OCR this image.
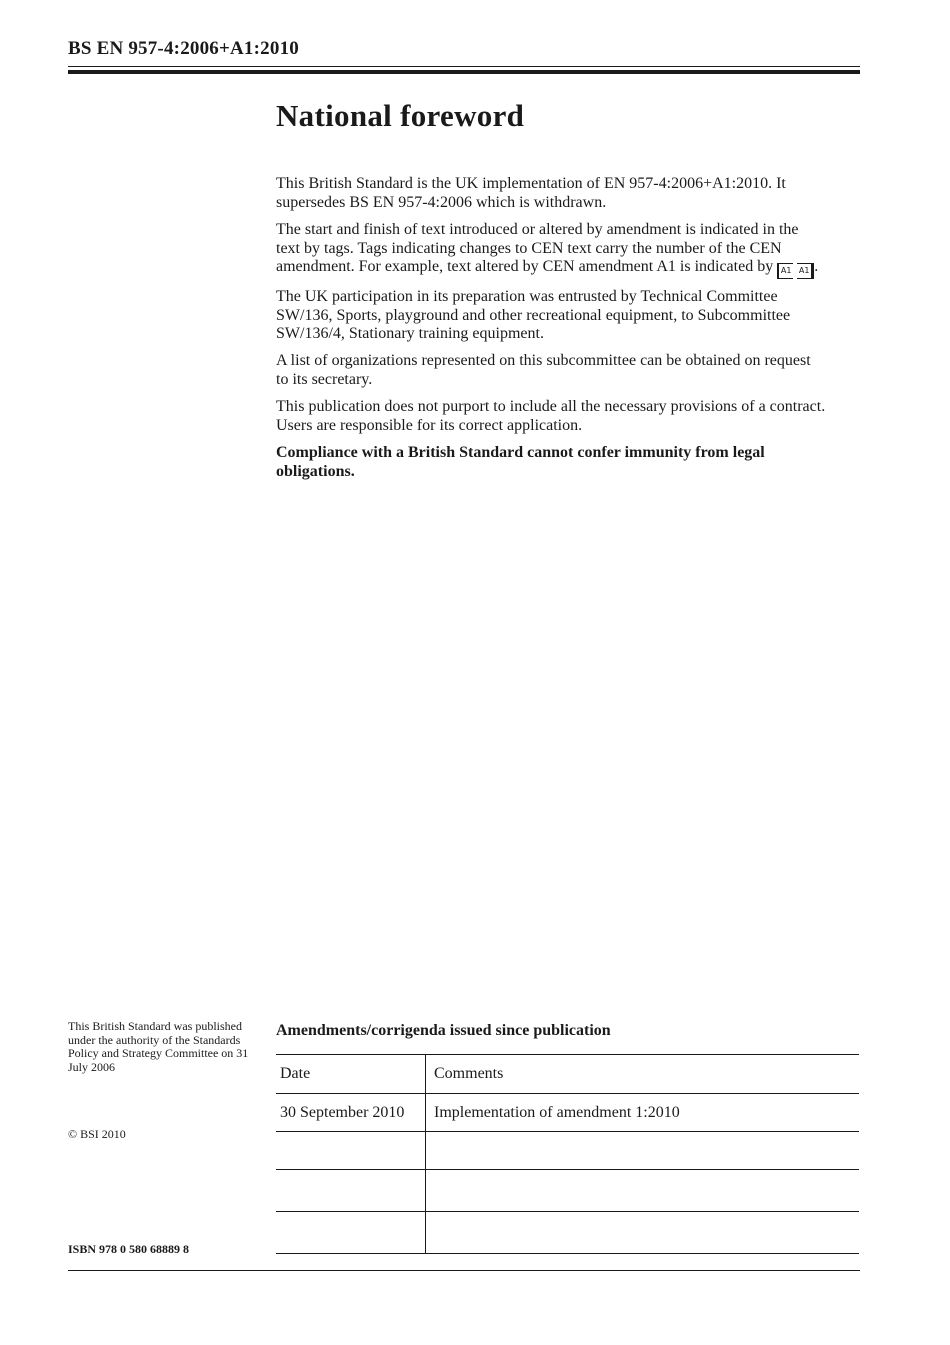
BS EN 957-4:2006+A1:2010
National foreword

This British Standard is the UK implementation of EN 957-4:2006+A1:2010. It supersedes BS EN 957-4:2006 which is withdrawn.

The start and finish of text introduced or altered by amendment is indicated in the text by tags. Tags indicating changes to CEN text carry the number of the CEN amendment. For example, text altered by CEN amendment A1 is indicated by A1 A1 .

The UK participation in its preparation was entrusted by Technical Committee SW/136, Sports, playground and other recreational equipment, to Subcommittee SW/136/4, Stationary training equipment.

A list of organizations represented on this subcommittee can be obtained on request to its secretary.

This publication does not purport to include all the necessary provisions of a contract. Users are responsible for its correct application.

Compliance with a British Standard cannot confer immunity from legal obligations.

This British Standard was published under the authority of the Standards Policy and Strategy Committee on 31 July 2006
© BSI 2010
ISBN 978 0 580 68889 8
Amendments/corrigenda issued since publication
Date	Comments
30 September 2010	Implementation of amendment 1:2010
